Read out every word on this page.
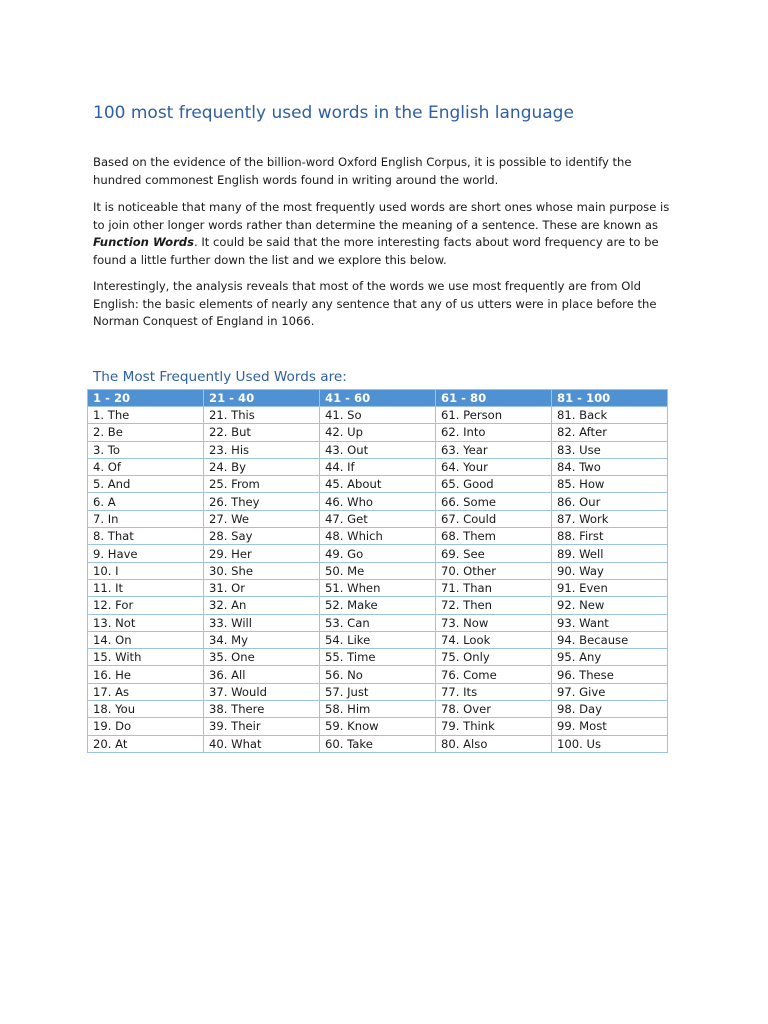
100 most frequently used words in the English language

Based on the evidence of the billion-word Oxford English Corpus, it is possible to identify the hundred commonest English words found in writing around the world.

It is noticeable that many of the most frequently used words are short ones whose main purpose is to join other longer words rather than determine the meaning of a sentence. These are known as Function Words. It could be said that the more interesting facts about word frequency are to be found a little further down the list and we explore this below.

Interestingly, the analysis reveals that most of the words we use most frequently are from Old English: the basic elements of nearly any sentence that any of us utters were in place before the Norman Conquest of England in 1066.

The Most Frequently Used Words are:
1 - 20	21 - 40	41 - 60	61 - 80	81 - 100
1. The	21. This	41. So	61. Person	81. Back
2. Be	22. But	42. Up	62. Into	82. After
3. To	23. His	43. Out	63. Year	83. Use
4. Of	24. By	44. If	64. Your	84. Two
5. And	25. From	45. About	65. Good	85. How
6. A	26. They	46. Who	66. Some	86. Our
7. In	27. We	47. Get	67. Could	87. Work
8. That	28. Say	48. Which	68. Them	88. First
9. Have	29. Her	49. Go	69. See	89. Well
10. I	30. She	50. Me	70. Other	90. Way
11. It	31. Or	51. When	71. Than	91. Even
12. For	32. An	52. Make	72. Then	92. New
13. Not	33. Will	53. Can	73. Now	93. Want
14. On	34. My	54. Like	74. Look	94. Because
15. With	35. One	55. Time	75. Only	95. Any
16. He	36. All	56. No	76. Come	96. These
17. As	37. Would	57. Just	77. Its	97. Give
18. You	38. There	58. Him	78. Over	98. Day
19. Do	39. Their	59. Know	79. Think	99. Most
20. At	40. What	60. Take	80. Also	100. Us
